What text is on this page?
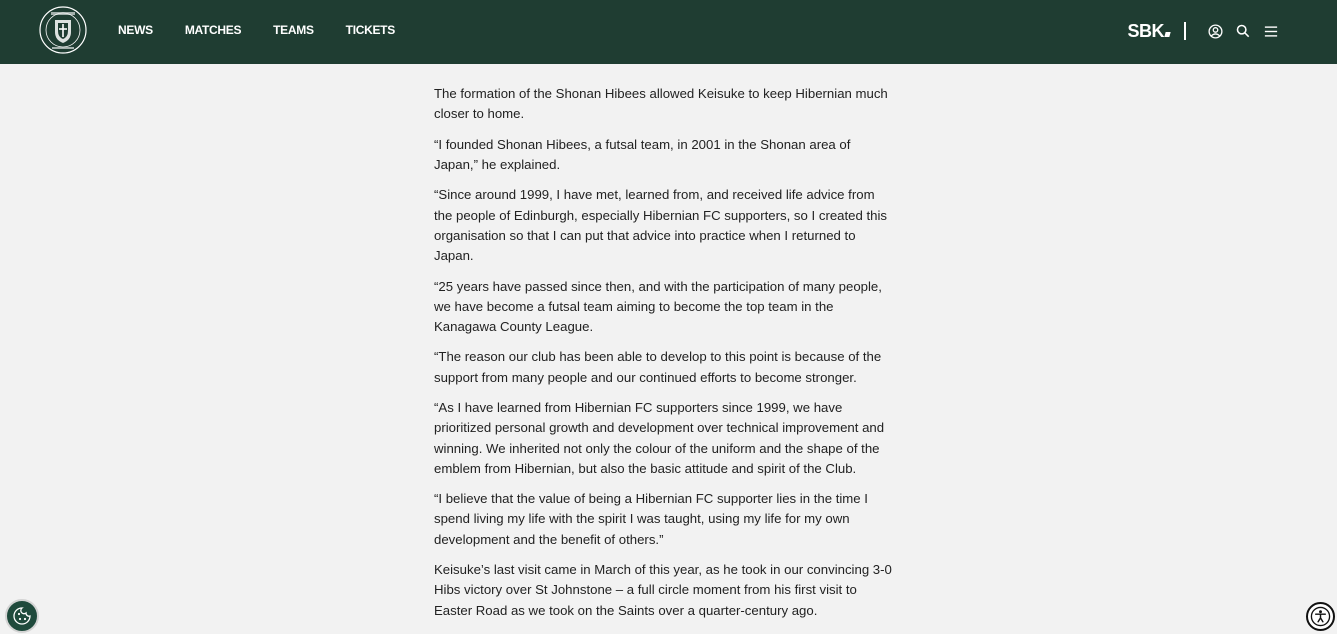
NEWS	MATCHES	TEAMS	TICKETS	SBK

The formation of the Shonan Hibees allowed Keisuke to keep Hibernian much closer to home.

“I founded Shonan Hibees, a futsal team, in 2001 in the Shonan area of Japan,” he explained.

“Since around 1999, I have met, learned from, and received life advice from the people of Edinburgh, especially Hibernian FC supporters, so I created this organisation so that I can put that advice into practice when I returned to Japan.

“25 years have passed since then, and with the participation of many people, we have become a futsal team aiming to become the top team in the Kanagawa County League.

“The reason our club has been able to develop to this point is because of the support from many people and our continued efforts to become stronger.

“As I have learned from Hibernian FC supporters since 1999, we have prioritized personal growth and development over technical improvement and winning. We inherited not only the colour of the uniform and the shape of the emblem from Hibernian, but also the basic attitude and spirit of the Club.

“I believe that the value of being a Hibernian FC supporter lies in the time I spend living my life with the spirit I was taught, using my life for my own development and the benefit of others.”

Keisuke’s last visit came in March of this year, as he took in our convincing 3-0 Hibs victory over St Johnstone – a full circle moment from his first visit to Easter Road as we took on the Saints over a quarter-century ago.
